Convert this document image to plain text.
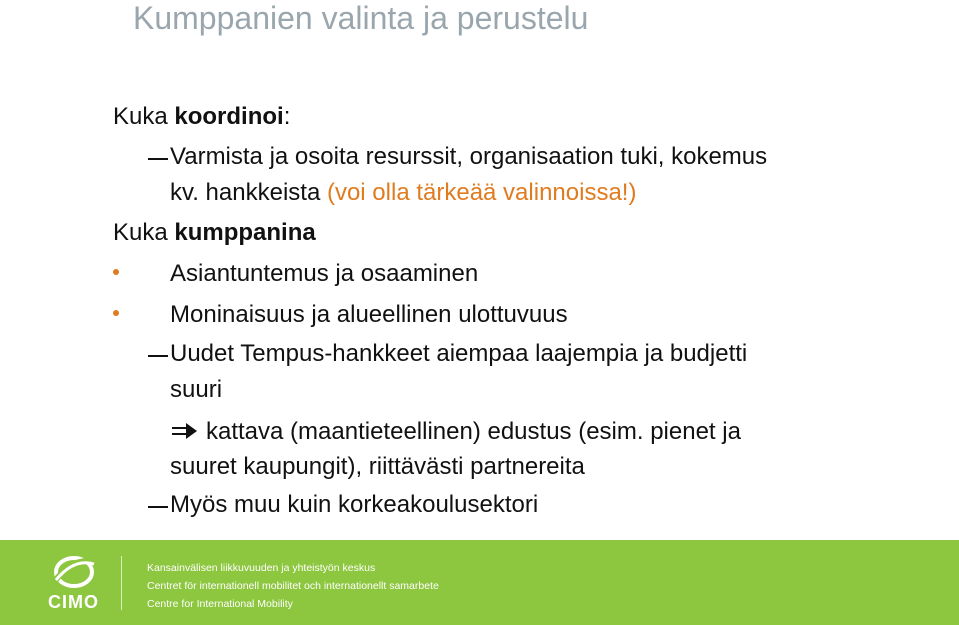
Kumppanien valinta ja perustelu
Kuka koordinoi:
Varmista ja osoita resurssit, organisaation tuki, kokemus
kv. hankkeista (voi olla tärkeää valinnoissa!)
Kuka kumppanina
Asiantuntemus ja osaaminen
Moninaisuus ja alueellinen ulottuvuus
Uudet Tempus-hankkeet aiempaa laajempia ja budjetti
suuri
kattava (maantieteellinen) edustus (esim. pienet ja
suuret kaupungit), riittävästi partnereita
Myös muu kuin korkeakoulusektori
CIMO
Kansainvälisen liikkuvuuden ja yhteistyön keskus
Centret för internationell mobilitet och internationellt samarbete
Centre for International Mobility
